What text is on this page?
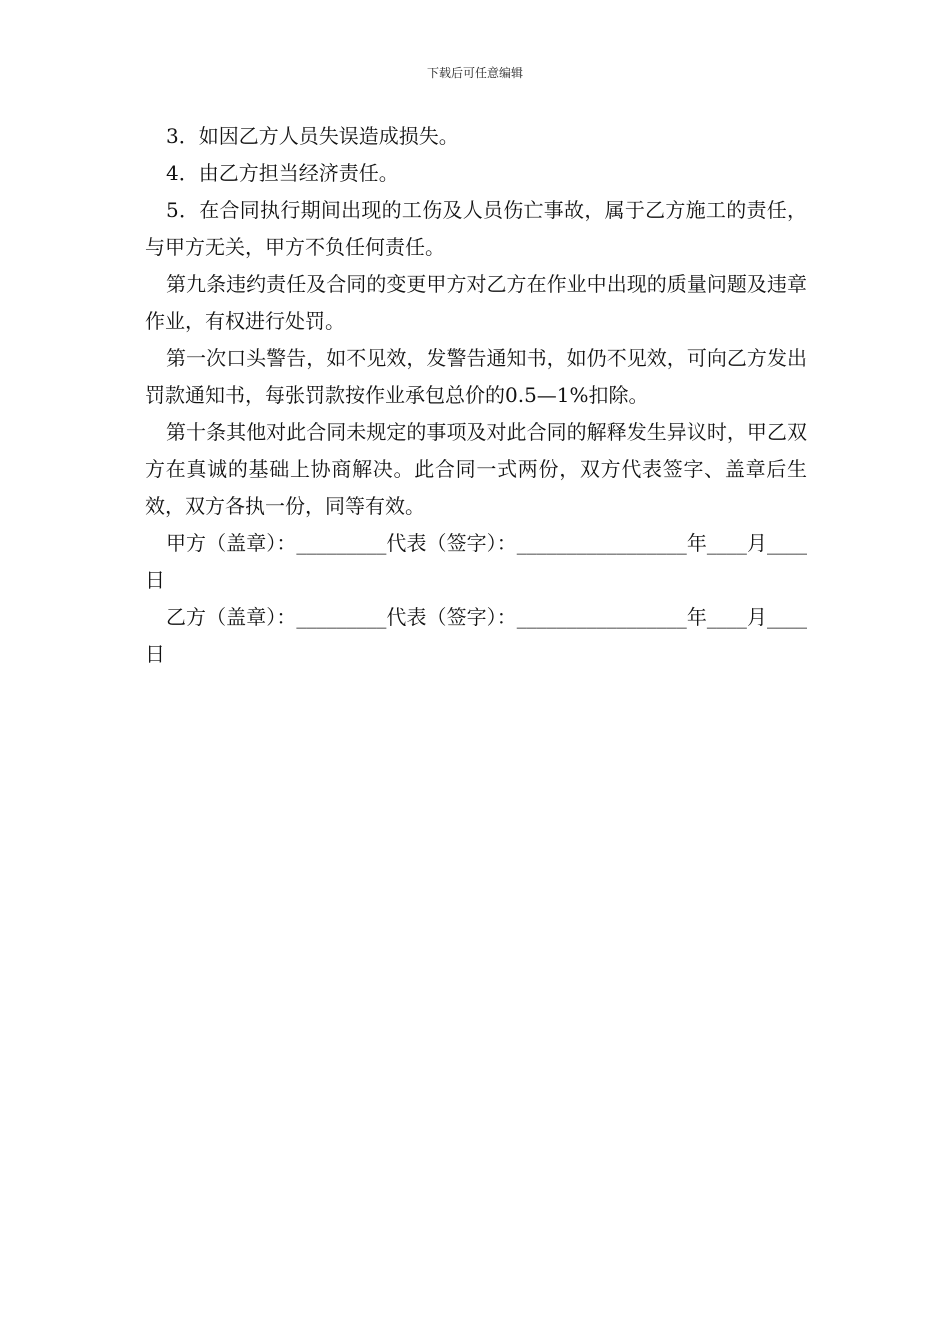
下载后可任意编辑

3．如因乙方人员失误造成损失。

4．由乙方担当经济责任。

5．在合同执行期间出现的工伤及人员伤亡事故，属于乙方施工的责任，与甲方无关，甲方不负任何责任。

第九条违约责任及合同的变更甲方对乙方在作业中出现的质量问题及违章作业，有权进行处罚。

第一次口头警告，如不见效，发警告通知书，如仍不见效，可向乙方发出罚款通知书，每张罚款按作业承包总价的0.5—1%扣除。

第十条其他对此合同未规定的事项及对此合同的解释发生异议时，甲乙双方在真诚的基础上协商解决。此合同一式两份，双方代表签字、盖章后生效，双方各执一份，同等有效。

甲方（盖章）：_________代表（签字）：_________________年____月____日

乙方（盖章）：_________代表（签字）：_________________年____月____日
